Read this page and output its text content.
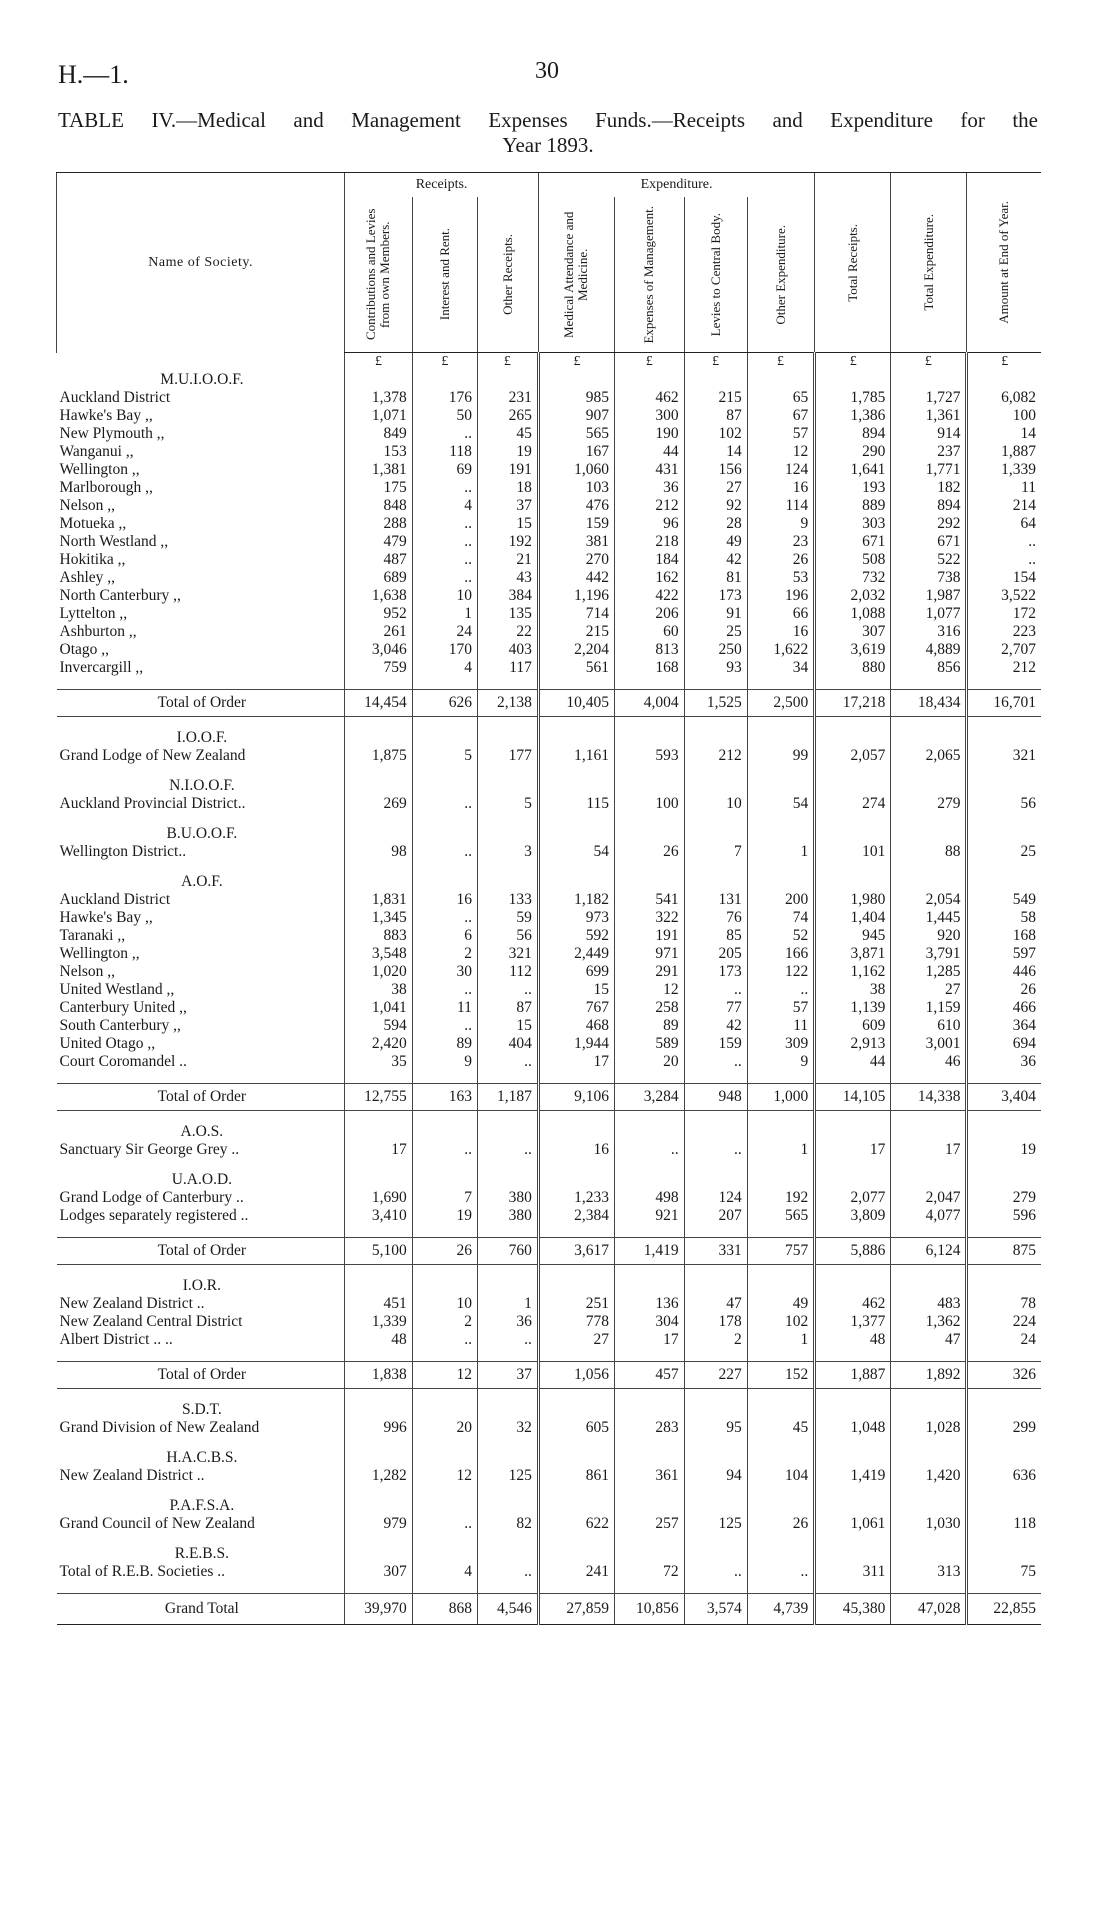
H.—1.	30
TABLE IV.—Medical and Management Expenses Funds.—Receipts and Expenditure for the
Year 1893.
Name of Society.	Receipts.			Expenditure.				Total Receipts.	Total Expenditure.	Amount at End of Year.

	Contributions and Levies from own Members.	Interest and Rent.	Other Receipts.	Medical Attendance and Medicine.	Expenses of Management.	Levies to Central Body.	Other Expenditure.			

	£	£	£	£	£	£	£	£	£	£
M.U.I.O.O.F.										
Auckland District	1,378	176	231	985	462	215	65	1,785	1,727	6,082
Hawke's Bay ,,	1,071	50	265	907	300	87	67	1,386	1,361	100
New Plymouth ,,	849	..	45	565	190	102	57	894	914	14
Wanganui ,,	153	118	19	167	44	14	12	290	237	1,887
Wellington ,,	1,381	69	191	1,060	431	156	124	1,641	1,771	1,339
Marlborough ,,	175	..	18	103	36	27	16	193	182	11
Nelson ,,	848	4	37	476	212	92	114	889	894	214
Motueka ,,	288	..	15	159	96	28	9	303	292	64
North Westland ,,	479	..	192	381	218	49	23	671	671	..
Hokitika ,,	487	..	21	270	184	42	26	508	522	..
Ashley ,,	689	..	43	442	162	81	53	732	738	154
North Canterbury ,,	1,638	10	384	1,196	422	173	196	2,032	1,987	3,522
Lyttelton ,,	952	1	135	714	206	91	66	1,088	1,077	172
Ashburton ,,	261	24	22	215	60	25	16	307	316	223
Otago ,,	3,046	170	403	2,204	813	250	1,622	3,619	4,889	2,707
Invercargill ,,	759	4	117	561	168	93	34	880	856	212

Total of Order	14,454	626	2,138	10,405	4,004	1,525	2,500	17,218	18,434	16,701

I.O.O.F.										
Grand Lodge of New Zealand	1,875	5	177	1,161	593	212	99	2,057	2,065	321

N.I.O.O.F.										
Auckland Provincial District..	269	..	5	115	100	10	54	274	279	56

B.U.O.O.F.										
Wellington District..	98	..	3	54	26	7	1	101	88	25

A.O.F.										
Auckland District	1,831	16	133	1,182	541	131	200	1,980	2,054	549
Hawke's Bay ,,	1,345	..	59	973	322	76	74	1,404	1,445	58
Taranaki ,,	883	6	56	592	191	85	52	945	920	168
Wellington ,,	3,548	2	321	2,449	971	205	166	3,871	3,791	597
Nelson ,,	1,020	30	112	699	291	173	122	1,162	1,285	446
United Westland ,,	38	..	..	15	12	..	..	38	27	26
Canterbury United ,,	1,041	11	87	767	258	77	57	1,139	1,159	466
South Canterbury ,,	594	..	15	468	89	42	11	609	610	364
United Otago ,,	2,420	89	404	1,944	589	159	309	2,913	3,001	694
Court Coromandel ..	35	9	..	17	20	..	9	44	46	36

Total of Order	12,755	163	1,187	9,106	3,284	948	1,000	14,105	14,338	3,404

A.O.S.										
Sanctuary Sir George Grey ..	17	..	..	16	..	..	1	17	17	19

U.A.O.D.										
Grand Lodge of Canterbury ..	1,690	7	380	1,233	498	124	192	2,077	2,047	279
Lodges separately registered ..	3,410	19	380	2,384	921	207	565	3,809	4,077	596

Total of Order	5,100	26	760	3,617	1,419	331	757	5,886	6,124	875

I.O.R.										
New Zealand District ..	451	10	1	251	136	47	49	462	483	78
New Zealand Central District	1,339	2	36	778	304	178	102	1,377	1,362	224
Albert District .. ..	48	..	..	27	17	2	1	48	47	24

Total of Order	1,838	12	37	1,056	457	227	152	1,887	1,892	326

S.D.T.										
Grand Division of New Zealand	996	20	32	605	283	95	45	1,048	1,028	299

H.A.C.B.S.										
New Zealand District ..	1,282	12	125	861	361	94	104	1,419	1,420	636

P.A.F.S.A.										
Grand Council of New Zealand	979	..	82	622	257	125	26	1,061	1,030	118

R.E.B.S.										
Total of R.E.B. Societies ..	307	4	..	241	72	..	..	311	313	75

Grand Total	39,970	868	4,546	27,859	10,856	3,574	4,739	45,380	47,028	22,855
